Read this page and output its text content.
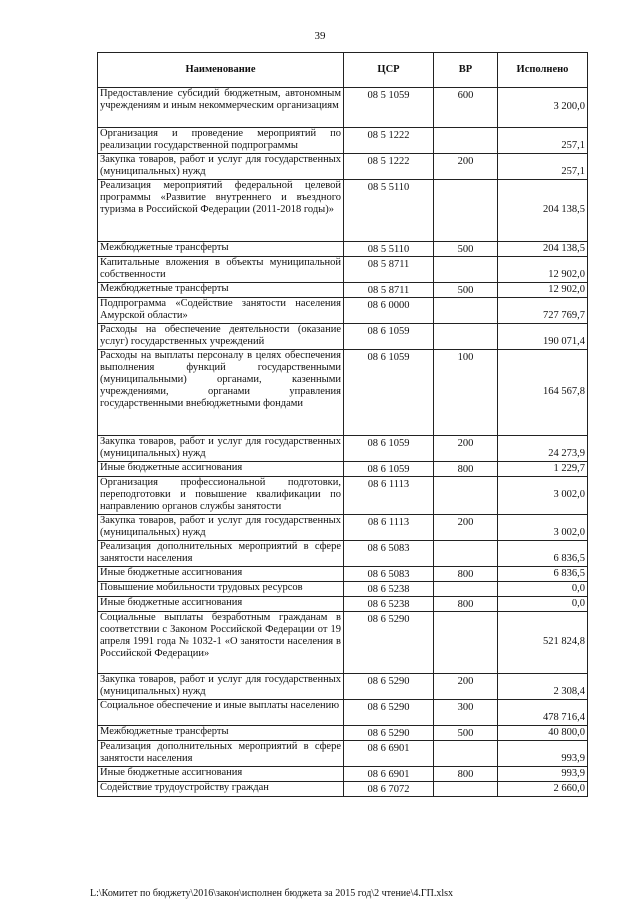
39
Наименование	ЦСР	ВР	Исполнено
Предоставление субсидий бюджетным, автономным учреждениям и иным некоммерческим организациям	08 5 1059	600	3 200,0
Организация и проведение мероприятий по реализации государственной подпрограммы	08 5 1222		257,1
Закупка товаров, работ и услуг для государственных (муниципальных) нужд	08 5 1222	200	257,1
Реализация мероприятий федеральной целевой программы «Развитие внутреннего и въездного туризма в Российской Федерации (2011-2018 годы)»	08 5 5110		204 138,5
Межбюджетные трансферты	08 5 5110	500	204 138,5
Капитальные вложения в объекты муниципальной собственности	08 5 8711		12 902,0
Межбюджетные трансферты	08 5 8711	500	12 902,0
Подпрограмма «Содействие занятости населения Амурской области»	08 6 0000		727 769,7
Расходы на обеспечение деятельности (оказание услуг) государственных учреждений	08 6 1059		190 071,4
Расходы на выплаты персоналу в целях обеспечения выполнения функций государственными (муниципальными) органами, казенными учреждениями, органами управления государственными внебюджетными фондами	08 6 1059	100	164 567,8
Закупка товаров, работ и услуг для государственных (муниципальных) нужд	08 6 1059	200	24 273,9
Иные бюджетные ассигнования	08 6 1059	800	1 229,7
Организация профессиональной подготовки, переподготовки и повышение квалификации по направлению органов службы занятости	08 6 1113		3 002,0
Закупка товаров, работ и услуг для государственных (муниципальных) нужд	08 6 1113	200	3 002,0
Реализация дополнительных мероприятий в сфере занятости населения	08 6 5083		6 836,5
Иные бюджетные ассигнования	08 6 5083	800	6 836,5
Повышение мобильности трудовых ресурсов	08 6 5238		0,0
Иные бюджетные ассигнования	08 6 5238	800	0,0
Социальные выплаты безработным гражданам в соответствии с Законом Российской Федерации от 19 апреля 1991 года № 1032-1 «О занятости населения в Российской Федерации»	08 6 5290		521 824,8
Закупка товаров, работ и услуг для государственных (муниципальных) нужд	08 6 5290	200	2 308,4
Социальное обеспечение и иные выплаты населению	08 6 5290	300	478 716,4
Межбюджетные трансферты	08 6 5290	500	40 800,0
Реализация дополнительных мероприятий в сфере занятости населения	08 6 6901		993,9
Иные бюджетные ассигнования	08 6 6901	800	993,9
Содействие трудоустройству граждан	08 6 7072		2 660,0
L:\Комитет по бюджету\2016\закон\исполнен бюджета за 2015 год\2 чтение\4.ГП.xlsx
